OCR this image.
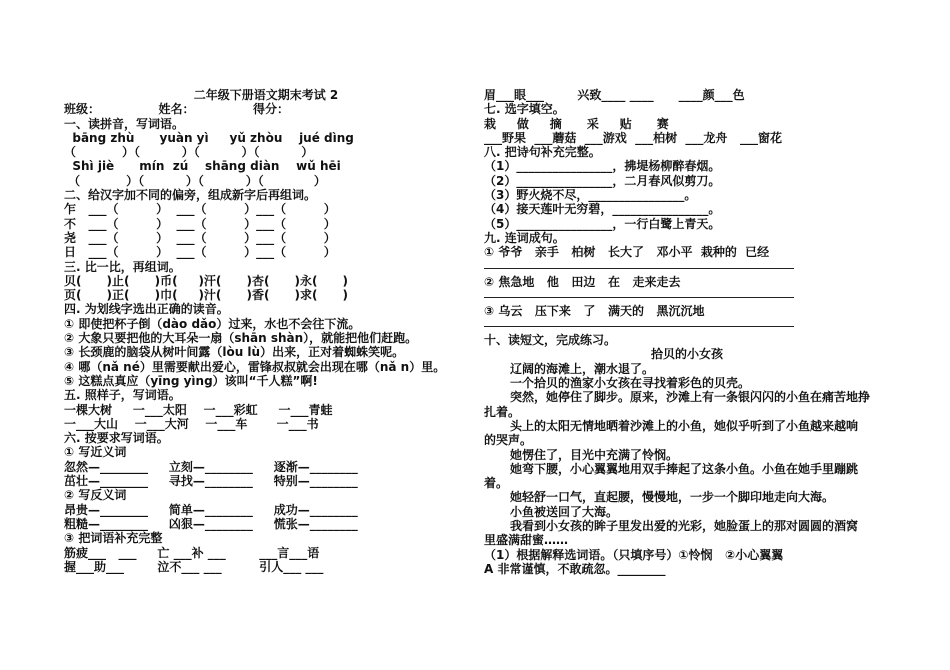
二年级下册语文期末考试 2
班级：              姓名：              得分：
一、读拼音，写词语。
bāng zhù      yuàn yì     yǔ zhòu    jué dìng
（           ）（          ）（          ）（          ）
Shì jiè      mín  zú    shāng diàn    wǔ hēi
（           ）（          ）（          ）（            ）
二、给汉字加不同的偏旁，组成新字后再组词。
乍   ___（         ）  ___（         ）___（         ）
不   ___（         ）  ___（         ）___（         ）
尧   ___（         ）  ___（         ）___（         ）
日   ___（         ）  ___（         ）___（         ）
三. 比一比，再组词。
贝(      )止(      )币(     )汗(      )杏(      )永(      )
页(      )正(      )巾(     )汁(      )香(      )求(      )
四. 为划线字选出正确的读音。
① 即使把杯子倒（dào dǎo）过来，水也不会往下流。
② 大象只要把他的大耳朵一扇（shān shàn），就能把他们赶跑。
③ 长颈鹿的脑袋从树叶间露（lòu lù）出来，正对着蜘蛛笑呢。
④ 哪（nǎ né）里需要献出爱心，雷锋叔叔就会出现在哪（nǎ n）里。
⑤ 这糕点真应（yīng yìng）该叫“千人糕”啊!
五. 照样子，写词语。
一棵大树     一___太阳    一___彩虹     一___青蛙
一___大山    一___大河    一___车       一___书
六. 按要求写词语。
① 写近义词
忽然—________     立刻—________     逐渐—________
茁壮—________     寻找—________     特别—________
② 写反义词
昂贵—________     简单—________     成功—________
粗糙—________     凶狠—________     慌张—________
③ 把词语补充完整
筋疲___   ___     亡 ___补 ___        ___言___语
握___助___        泣不___ ___         引人___ ___
眉___眼___        兴致____ ____      ____颜___色
七. 选字填空。
栽     做     摘      采     贴      赛
___野果  ___蘑菇  ___游戏  ___柏树  ___龙舟   ___窗花
八. 把诗句补充完整。
（1）________________，拂堤杨柳醉春烟。
（2）________________，二月春风似剪刀。
（3）野火烧不尽，________________。
（4）接天莲叶无穷碧，________________。
（5）________________，一行白鹭上青天。
九. 连词成句。
① 爷爷   亲手   柏树   长大了   邓小平  栽种的  已经
② 焦急地   他   田边   在   走来走去
③ 乌云   压下来   了   满天的   黑沉沉地
十、读短文，完成练习。
拾贝的小女孩
辽阔的海滩上，潮水退了。
一个拾贝的渔家小女孩在寻找着彩色的贝壳。
突然，她停住了脚步。原来，沙滩上有一条银闪闪的小鱼在痛苦地挣
扎着。
头上的太阳无情地晒着沙滩上的小鱼，她似乎听到了小鱼越来越响
的哭声。
她愣住了，目光中充满了怜悯。
她弯下腰，小心翼翼地用双手捧起了这条小鱼。小鱼在她手里蹦跳
着。
她轻舒一口气，直起腰，慢慢地，一步一个脚印地走向大海。
小鱼被送回了大海。
我看到小女孩的眸子里发出爱的光彩，她脸蛋上的那对圆圆的酒窝
里盛满甜蜜……
（1）根据解释选词语。（只填序号）①怜悯   ②小心翼翼
A 非常谨慎，不敢疏忽。________
